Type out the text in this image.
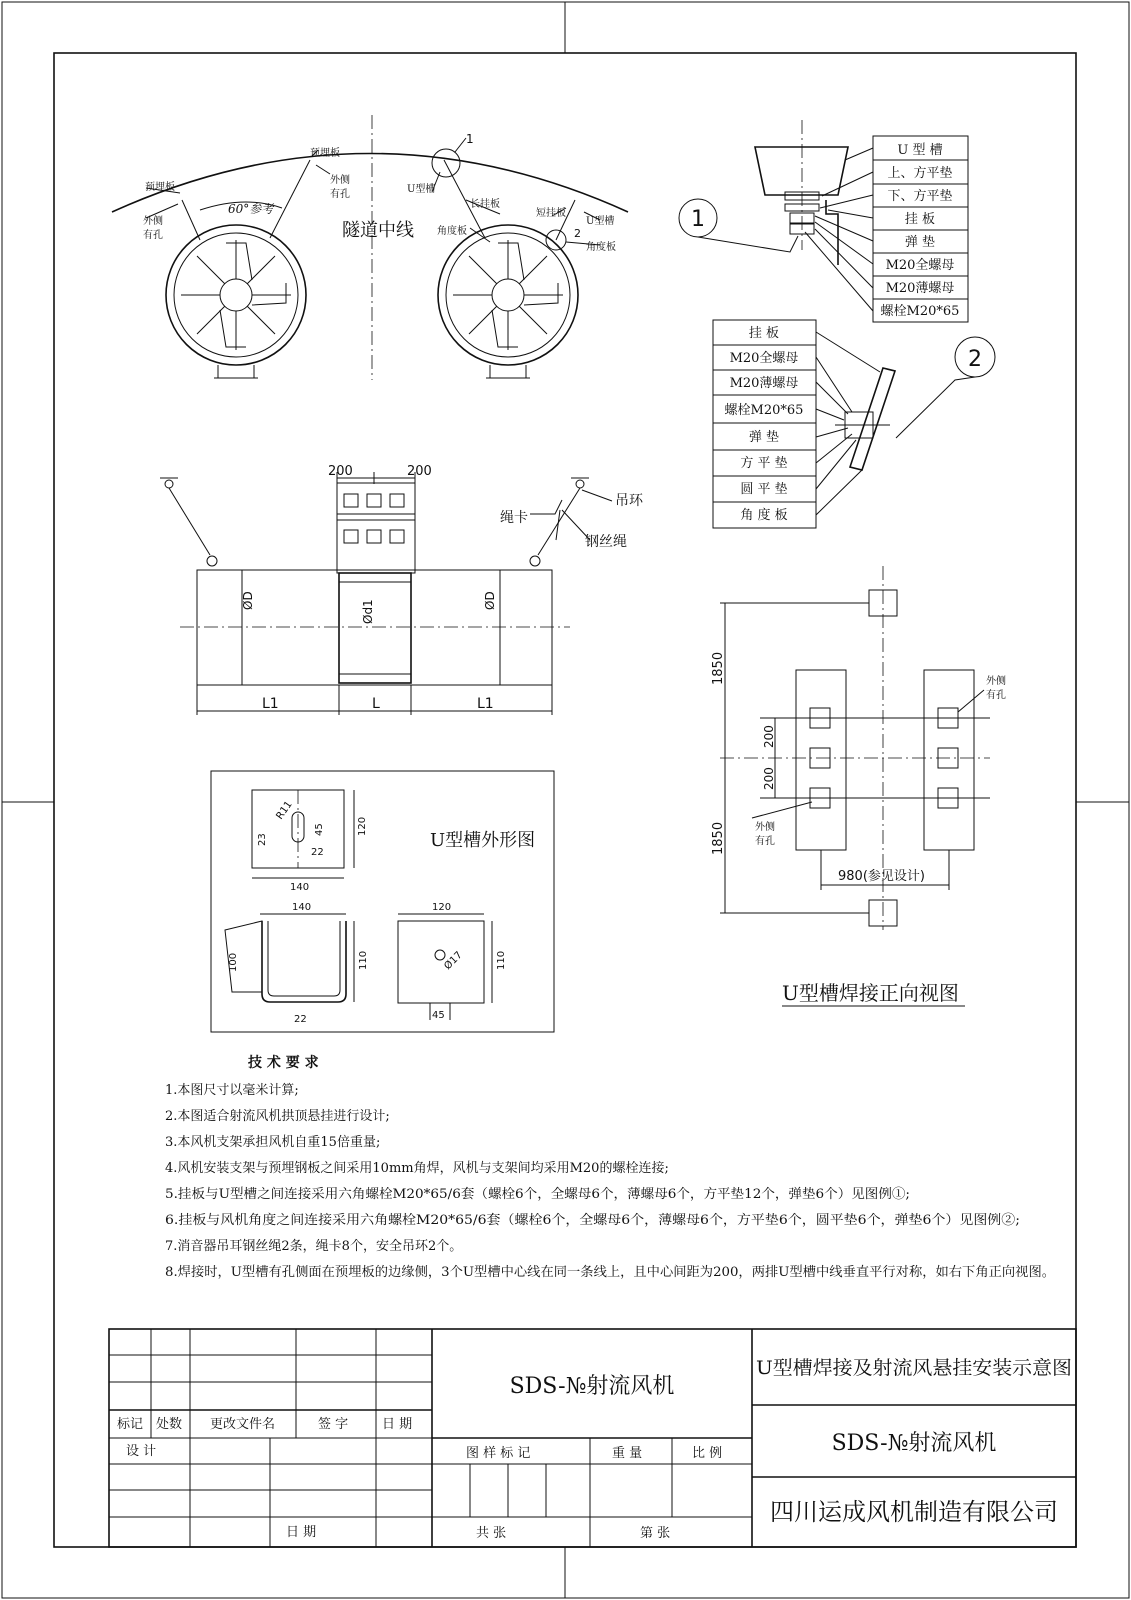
隧道中线
60°参考
1
2
预埋板
预埋板
外侧
有孔
外侧
有孔	U型槽
长挂板
角度板
短挂板
U型槽
角度板
1
U 型 槽
上、方平垫
下、方平垫
挂 板
弹 垫
M20全螺母
M20薄螺母
螺栓M20*65
挂 板
M20全螺母
M20薄螺母
螺栓M20*65
弹 垫
方 平 垫
圆 平 垫
角 度 板
2
200	200
绳卡
吊环
钢丝绳
ØD	Ød1	ØD
L1	L	L1
U型槽外形图
R11
23
45
22
120
140
140
100	110
22
120
Ø17	110
45
1850
1850
200
200
980(参见设计)
外侧
有孔
外侧
有孔
U型槽焊接正向视图
技 术 要 求
1.本图尺寸以毫米计算;
2.本图适合射流风机拱顶悬挂进行设计;
3.本风机支架承担风机自重15倍重量;
4.风机安装支架与预埋钢板之间采用10mm角焊，风机与支架间均采用M20的螺栓连接;
5.挂板与U型槽之间连接采用六角螺栓M20*65/6套（螺栓6个，全螺母6个，薄螺母6个，方平垫12个，弹垫6个）见图例①;
6.挂板与风机角度之间连接采用六角螺栓M20*65/6套（螺栓6个，全螺母6个，薄螺母6个，方平垫6个，圆平垫6个，弹垫6个）见图例②;
7.消音器吊耳钢丝绳2条，绳卡8个，安全吊环2个。
8.焊接时，U型槽有孔侧面在预埋板的边缘侧，3个U型槽中心线在同一条线上，且中心间距为200，两排U型槽中线垂直平行对称，如右下角正向视图。
标记 处数 更改文件名	签 字	日 期
设 计
日 期
SDS-№射流风机
图 样 标 记	重 量	比 例
共 张	第 张
U型槽焊接及射流风悬挂安装示意图
SDS-№射流风机
四川运成风机制造有限公司
